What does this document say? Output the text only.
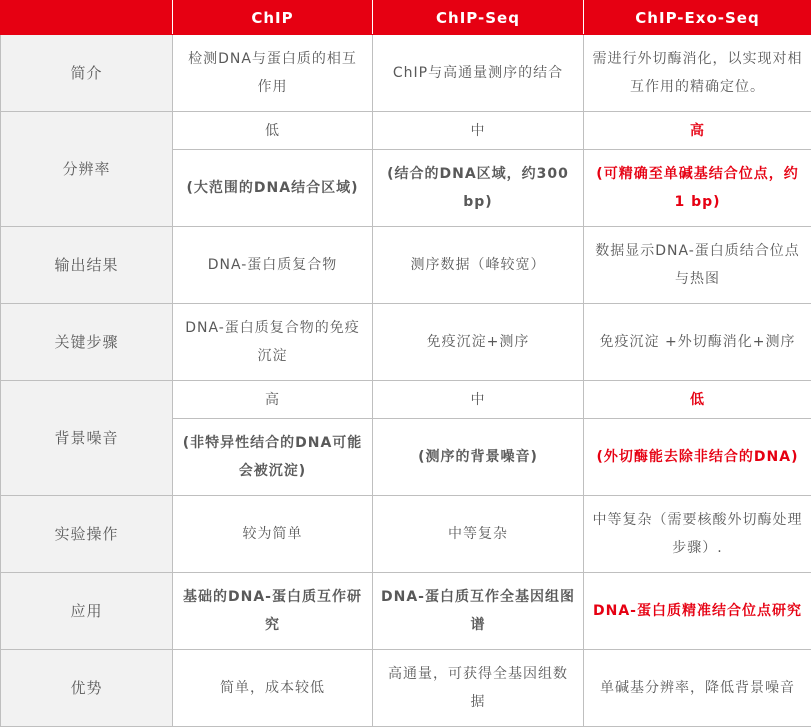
	ChIP	ChIP-Seq	ChIP-Exo-Seq
简介	检测DNA与蛋白质的相互作用	ChIP与高通量测序的结合	需进行外切酶消化，以实现对相互作用的精确定位。
分辨率	低	中	高
	(大范围的DNA结合区域)	(结合的DNA区域，约300 bp)	(可精确至单碱基结合位点，约1 bp)
输出结果	DNA-蛋白质复合物	测序数据（峰较宽）	数据显示DNA-蛋白质结合位点与热图
关键步骤	DNA-蛋白质复合物的免疫沉淀	免疫沉淀+测序	免疫沉淀 +外切酶消化+测序
背景噪音	高	中	低
	(非特异性结合的DNA可能会被沉淀)	(测序的背景噪音)	(外切酶能去除非结合的DNA)
实验操作	较为简单	中等复杂	中等复杂（需要核酸外切酶处理步骤）.
应用	基础的DNA-蛋白质互作研究	DNA-蛋白质互作全基因组图谱	DNA-蛋白质精准结合位点研究
优势	简单，成本较低	高通量，可获得全基因组数据	单碱基分辨率，降低背景噪音
